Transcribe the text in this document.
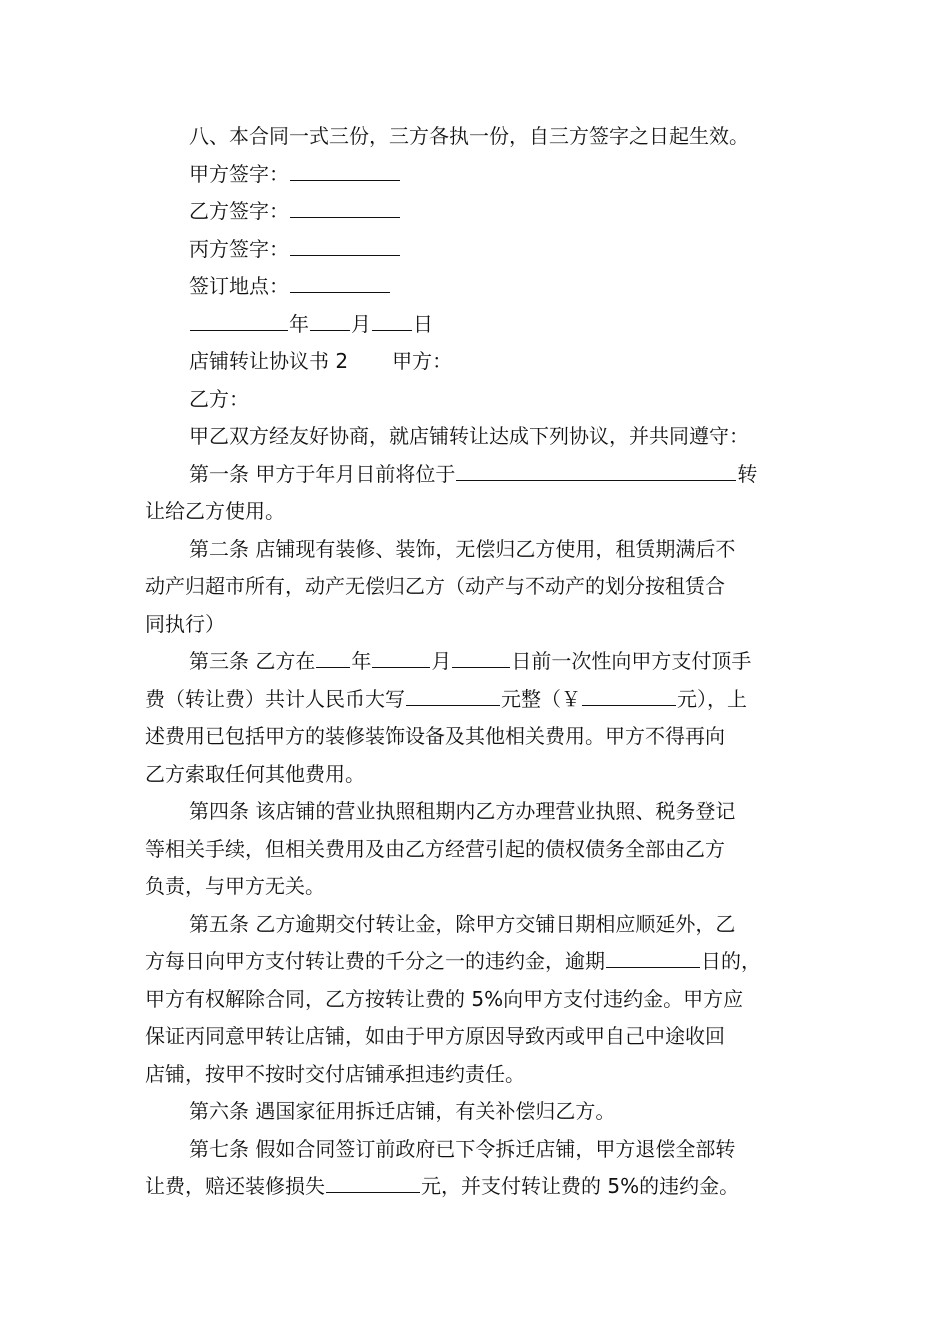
八、本合同一式三份，三方各执一份，自三方签字之日起生效。

甲方签字：

乙方签字：

丙方签字：

签订地点：

年 月 日

店铺转让协议书 2 甲方：

乙方：

甲乙双方经友好协商，就店铺转让达成下列协议，并共同遵守：

第一条 甲方于年月日前将位于	转

让给乙方使用。

第二条 店铺现有装修、装饰，无偿归乙方使用，租赁期满后不

动产归超市所有，动产无偿归乙方（动产与不动产的划分按租赁合

同执行）

第三条 乙方在 年	月	日前一次性向甲方支付顶手

费（转让费）共计人民币大写	元整（￥	元），上

述费用已包括甲方的装修装饰设备及其他相关费用。甲方不得再向

乙方索取任何其他费用。

第四条 该店铺的营业执照租期内乙方办理营业执照、税务登记

等相关手续，但相关费用及由乙方经营引起的债权债务全部由乙方

负责，与甲方无关。

第五条 乙方逾期交付转让金，除甲方交铺日期相应顺延外，乙

方每日向甲方支付转让费的千分之一的违约金，逾期	日的，

甲方有权解除合同，乙方按转让费的 5%向甲方支付违约金。甲方应

保证丙同意甲转让店铺，如由于甲方原因导致丙或甲自己中途收回

店铺，按甲不按时交付店铺承担违约责任。

第六条 遇国家征用拆迁店铺，有关补偿归乙方。

第七条 假如合同签订前政府已下令拆迁店铺，甲方退偿全部转

让费，赔还装修损失	元，并支付转让费的 5%的违约金。
